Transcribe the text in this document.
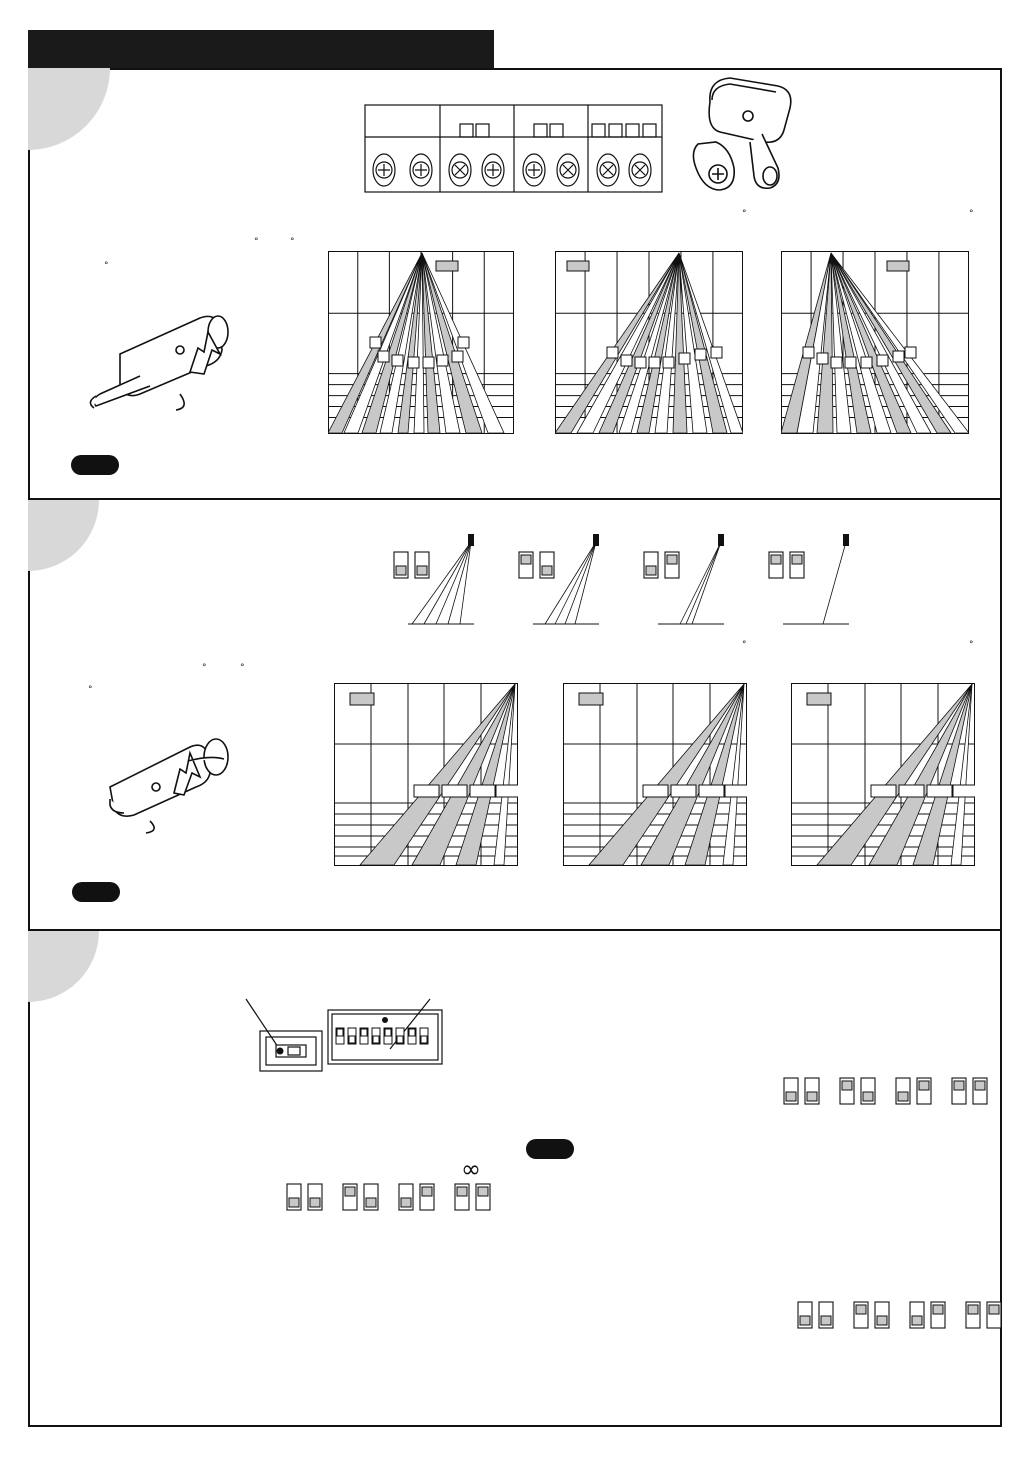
°	°
°	°
°
°	°
°	°
°
∞
